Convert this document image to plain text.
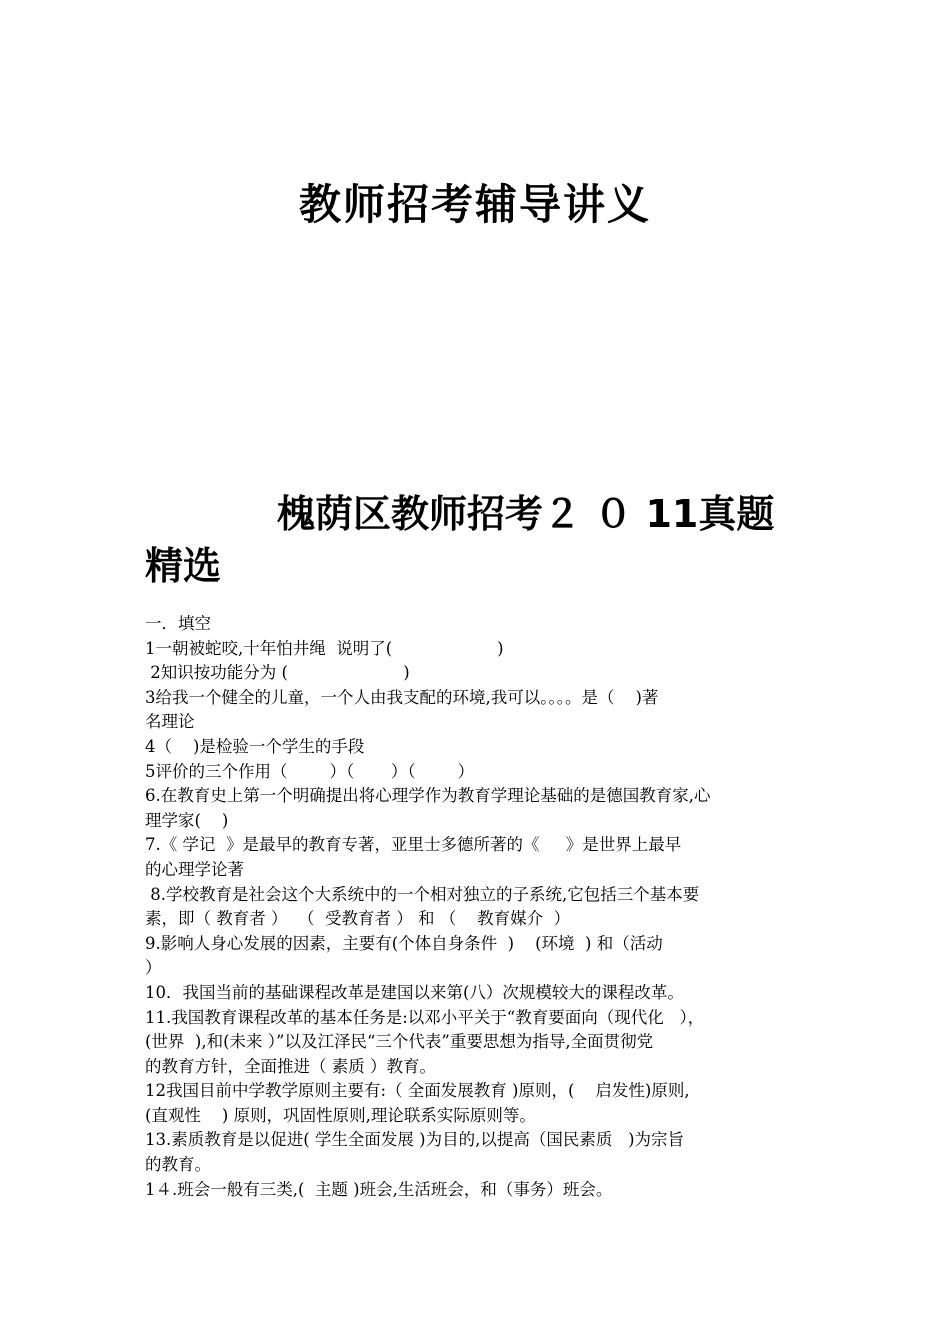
教师招考辅导讲义
槐荫区教师招考２ ０ 11真题
精选
一．填空
1一朝被蛇咬,十年怕井绳  说明了(                    )
2知识按功能分为 (                      )
3给我一个健全的儿童，一个人由我支配的环境,我可以。。。。是（    )著
名理论
4（    )是检验一个学生的手段
5评价的三个作用（        ）（       ）（        ）
6.在教育史上第一个明确提出将心理学作为教育学理论基础的是德国教育家,心
理学家(    )
7.《 学记  》是最早的教育专著，亚里士多德所著的《     》是世界上最早
的心理学论著
8.学校教育是社会这个大系统中的一个相对独立的子系统,它包括三个基本要
素，即（ 教育者 ）  （  受教育者 ） 和 （    教育媒介  ）
9.影响人身心发展的因素，主要有(个体自身条件  )    (环境  ) 和（活动
）
10．我国当前的基础课程改革是建国以来第(八）次规模较大的课程改革。
11.我国教育课程改革的基本任务是:以邓小平关于“教育要面向（现代化   ），
(世界  ),和(未来 ）”以及江泽民“三个代表”重要思想为指导,全面贯彻党
的教育方针，全面推进（ 素质 ）教育。
12我国目前中学教学原则主要有:（ 全面发展教育 )原则，(    启发性)原则,
(直观性    ) 原则，巩固性原则,理论联系实际原则等。
13.素质教育是以促进( 学生全面发展 )为目的,以提高（国民素质   )为宗旨
的教育。
1４.班会一般有三类,(  主题 )班会,生活班会，和（事务）班会。
